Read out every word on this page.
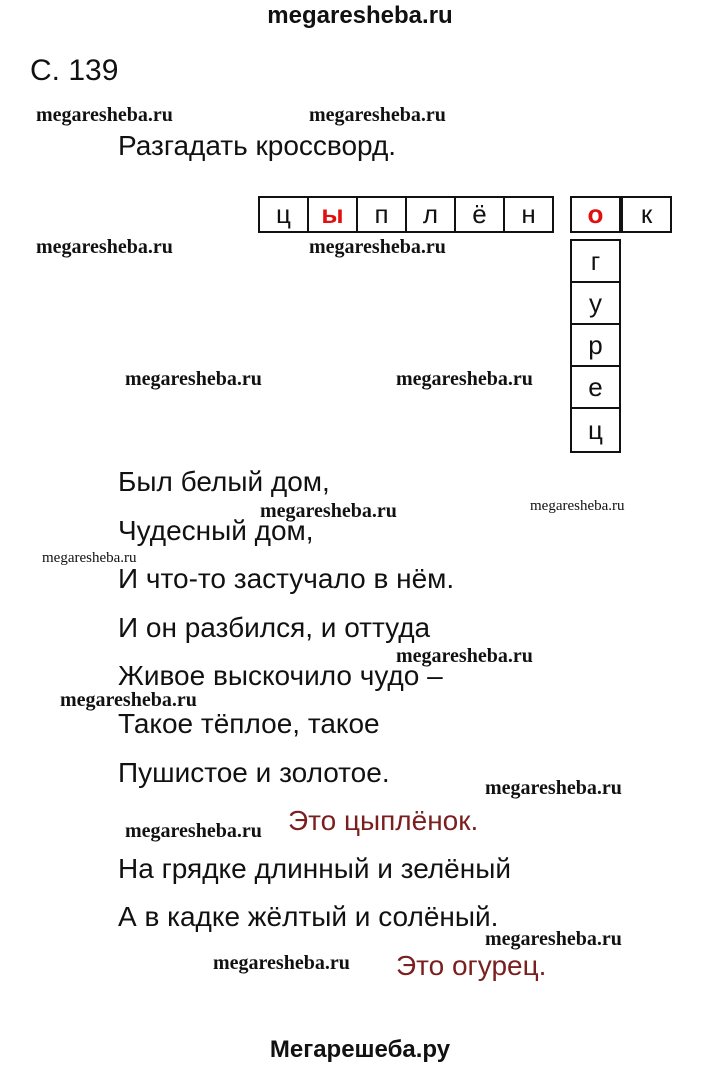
megaresheba.ru
С. 139
Разгадать кроссворд.
ц	ы	п	л	ё	н	о	к
г
у
р
е
ц
Был белый дом,
Чудесный дом,
И что-то застучало в нём.
И он разбился, и оттуда
Живое выскочило чудо –
Такое тёплое, такое
Пушистое и золотое.
Это цыплёнок.
На грядке длинный и зелёный
А в кадке жёлтый и солёный.
Это огурец.
megaresheba.ru	megaresheba.ru
megaresheba.ru	megaresheba.ru
megaresheba.ru	megaresheba.ru
megaresheba.ru	megaresheba.ru
megaresheba.ru
megaresheba.ru
megaresheba.ru
megaresheba.ru
megaresheba.ru
megaresheba.ru
megaresheba.ru
Мегарешеба.ру
